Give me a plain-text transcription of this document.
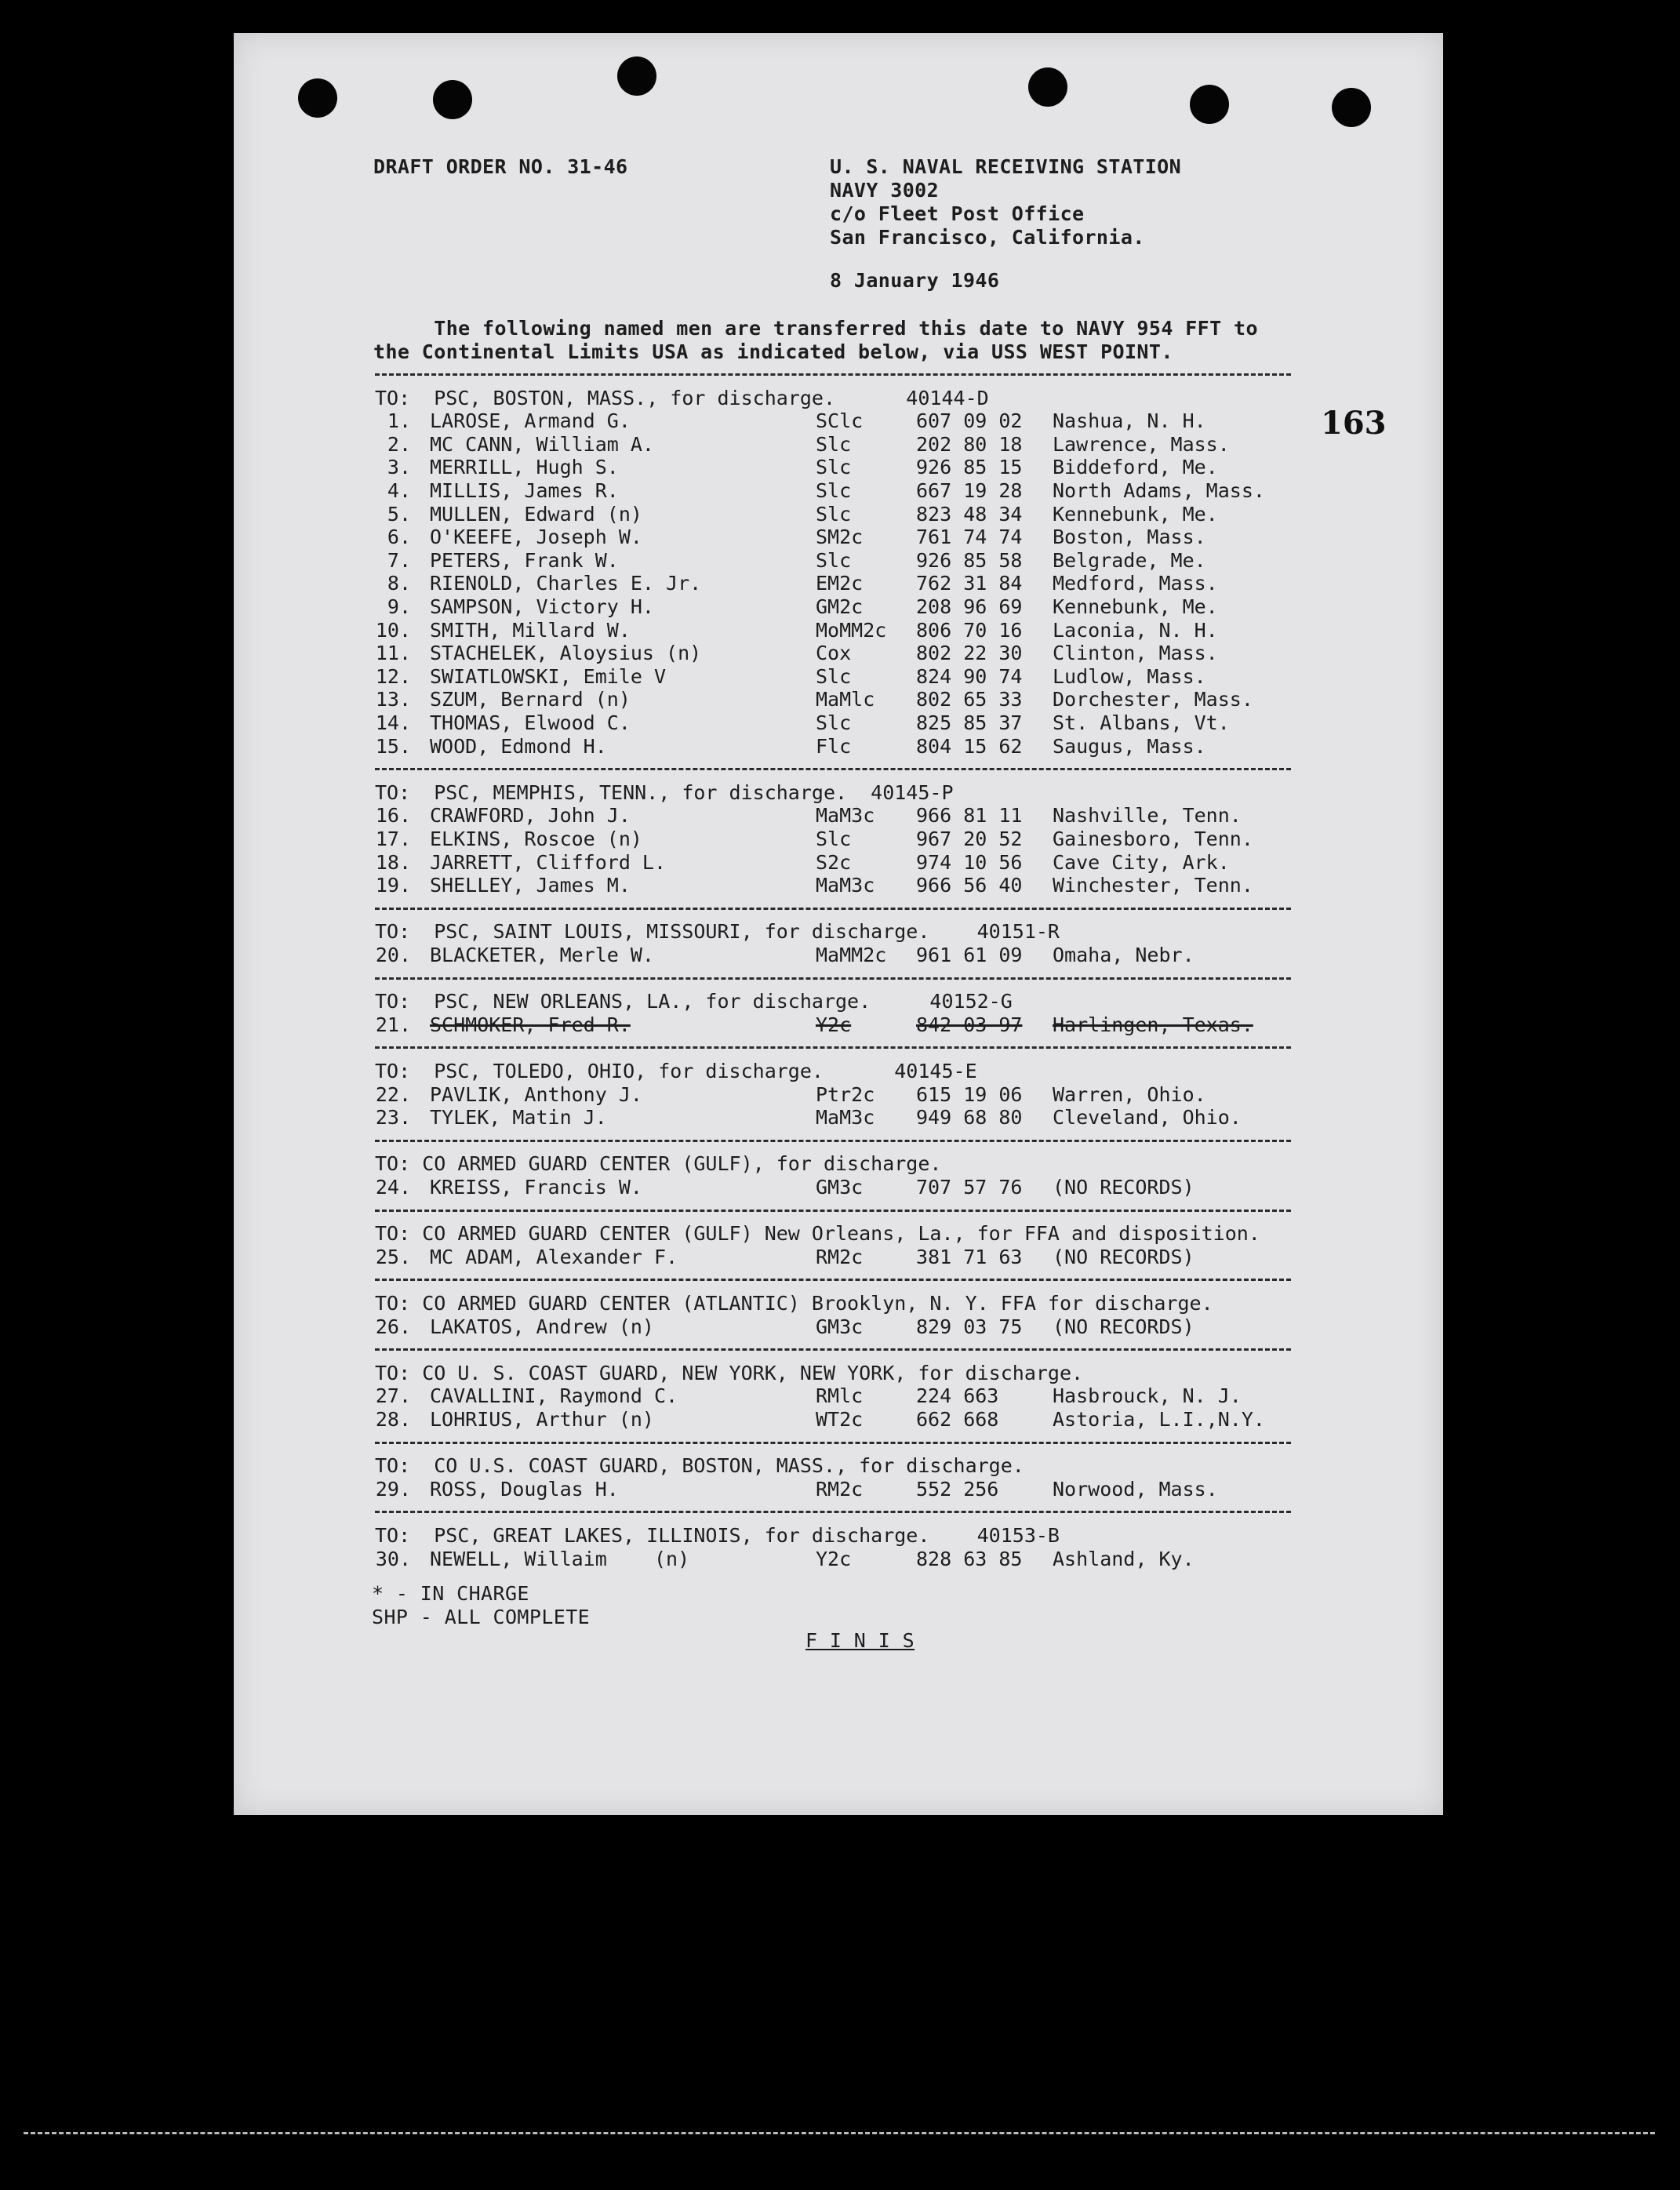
DRAFT ORDER NO. 31-46	U. S. NAVAL RECEIVING STATION
NAVY 3002
c/o Fleet Post Office
San Francisco, California.
8 January 1946
163
The following named men are transferred this date to NAVY 954 FFT to
the Continental Limits USA as indicated below, via USS WEST POINT.
TO:  PSC, BOSTON, MASS., for discharge.      40144-D
1. LAROSE, Armand G.	SClc	607 09 02 Nashua, N. H.
2. MC CANN, William A.	Slc	202 80 18 Lawrence, Mass.
3. MERRILL, Hugh S.	Slc	926 85 15 Biddeford, Me.
4. MILLIS, James R.	Slc	667 19 28 North Adams, Mass.
5. MULLEN, Edward (n)	Slc	823 48 34 Kennebunk, Me.
6. O'KEEFE, Joseph W.	SM2c	761 74 74 Boston, Mass.
7. PETERS, Frank W.	Slc	926 85 58 Belgrade, Me.
8. RIENOLD, Charles E. Jr.	EM2c	762 31 84 Medford, Mass.
9. SAMPSON, Victory H.	GM2c	208 96 69 Kennebunk, Me.
10. SMITH, Millard W.	MoMM2c 806 70 16 Laconia, N. H.
11. STACHELEK, Aloysius (n)	Cox	802 22 30 Clinton, Mass.
12. SWIATLOWSKI, Emile V	Slc	824 90 74 Ludlow, Mass.
13. SZUM, Bernard (n)	MaMlc 802 65 33 Dorchester, Mass.
14. THOMAS, Elwood C.	Slc	825 85 37 St. Albans, Vt.
15. WOOD, Edmond H.	Flc	804 15 62 Saugus, Mass.
TO:  PSC, MEMPHIS, TENN., for discharge.  40145-P
16. CRAWFORD, John J.	MaM3c 966 81 11 Nashville, Tenn.
17. ELKINS, Roscoe (n)	Slc	967 20 52 Gainesboro, Tenn.
18. JARRETT, Clifford L.	S2c	974 10 56 Cave City, Ark.
19. SHELLEY, James M.	MaM3c 966 56 40 Winchester, Tenn.
TO:  PSC, SAINT LOUIS, MISSOURI, for discharge.    40151-R
20. BLACKETER, Merle W.	MaMM2c 961 61 09 Omaha, Nebr.
TO:  PSC, NEW ORLEANS, LA., for discharge.     40152-G
21. SCHMOKER, Fred R.	Y2c	842 03 97 Harlingen, Texas.
TO:  PSC, TOLEDO, OHIO, for discharge.      40145-E
22. PAVLIK, Anthony J.	Ptr2c 615 19 06 Warren, Ohio.
23. TYLEK, Matin J.	MaM3c 949 68 80 Cleveland, Ohio.
TO: CO ARMED GUARD CENTER (GULF), for discharge.
24. KREISS, Francis W.	GM3c	707 57 76 (NO RECORDS)
TO: CO ARMED GUARD CENTER (GULF) New Orleans, La., for FFA and disposition.
25. MC ADAM, Alexander F.	RM2c	381 71 63 (NO RECORDS)
TO: CO ARMED GUARD CENTER (ATLANTIC) Brooklyn, N. Y. FFA for discharge.
26. LAKATOS, Andrew (n)	GM3c	829 03 75 (NO RECORDS)
TO: CO U. S. COAST GUARD, NEW YORK, NEW YORK, for discharge.
27. CAVALLINI, Raymond C.	RMlc	224 663	Hasbrouck, N. J.
28. LOHRIUS, Arthur (n)	WT2c	662 668	Astoria, L.I.,N.Y.
TO:  CO U.S. COAST GUARD, BOSTON, MASS., for discharge.
29. ROSS, Douglas H.	RM2c	552 256	Norwood, Mass.
TO:  PSC, GREAT LAKES, ILLINOIS, for discharge.    40153-B
30. NEWELL, Willaim    (n)	Y2c	828 63 85 Ashland, Ky.
* - IN CHARGE
SHP - ALL COMPLETE
F I N I S
